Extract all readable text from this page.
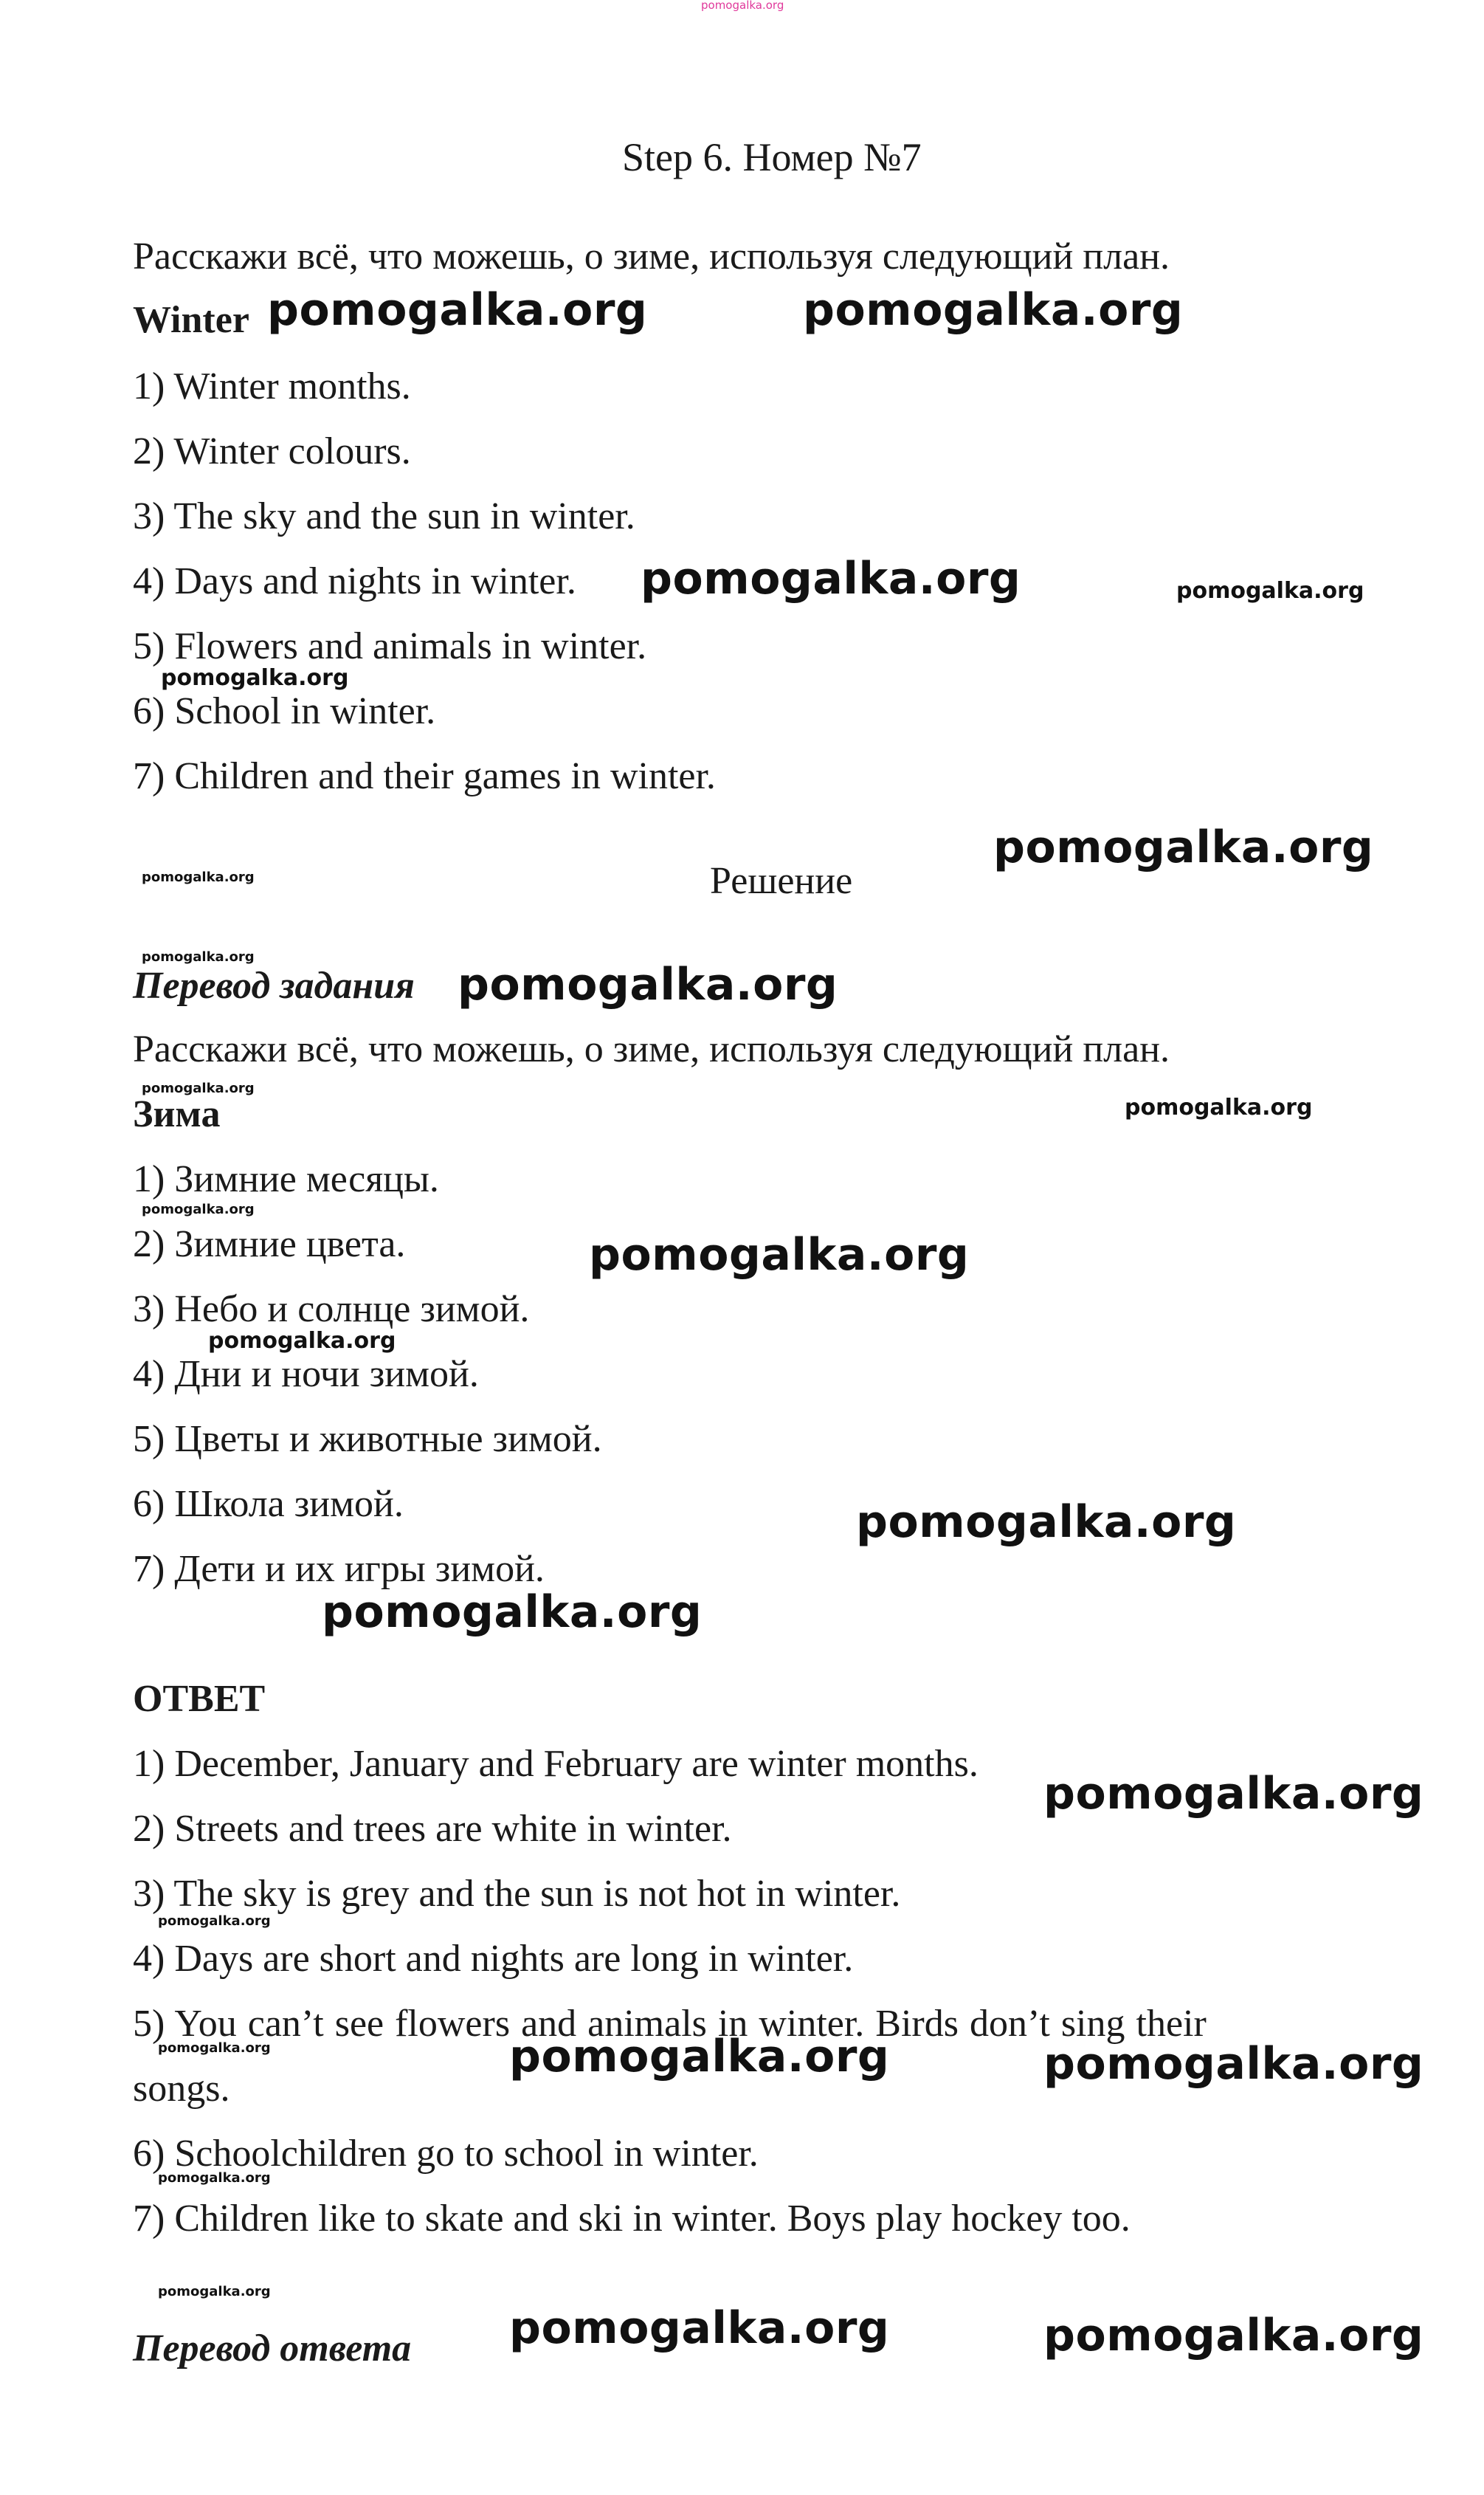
pomogalka.org
Step 6. Номер №7
Расскажи всё, что можешь, о зиме, используя следующий план.
Winter
1) Winter months.
2) Winter colours.
3) The sky and the sun in winter.
4) Days and nights in winter.
5) Flowers and animals in winter.
6) School in winter.
7) Children and their games in winter.
Решение
Перевод задания
Расскажи всё, что можешь, о зиме, используя следующий план.
Зима
1) Зимние месяцы.
2) Зимние цвета.
3) Небо и солнце зимой.
4) Дни и ночи зимой.
5) Цветы и животные зимой.
6) Школа зимой.
7) Дети и их игры зимой.
ОТВЕТ
1) December, January and February are winter months.
2) Streets and trees are white in winter.
3) The sky is grey and the sun is not hot in winter.
4) Days are short and nights are long in winter.
5) You can’t see flowers and animals in winter. Birds don’t sing their
songs.
6) Schoolchildren go to school in winter.
7) Children like to skate and ski in winter. Boys play hockey too.
Перевод ответа
pomogalka.org	pomogalka.org
pomogalka.org
pomogalka.org
pomogalka.org
pomogalka.org
pomogalka.org
pomogalka.org
pomogalka.org
pomogalka.org	pomogalka.org
pomogalka.org	pomogalka.org
pomogalka.org
pomogalka.org
pomogalka.org
pomogalka.org
pomogalka.org
pomogalka.org
pomogalka.org
pomogalka.org
pomogalka.org
pomogalka.org
pomogalka.org
pomogalka.org
